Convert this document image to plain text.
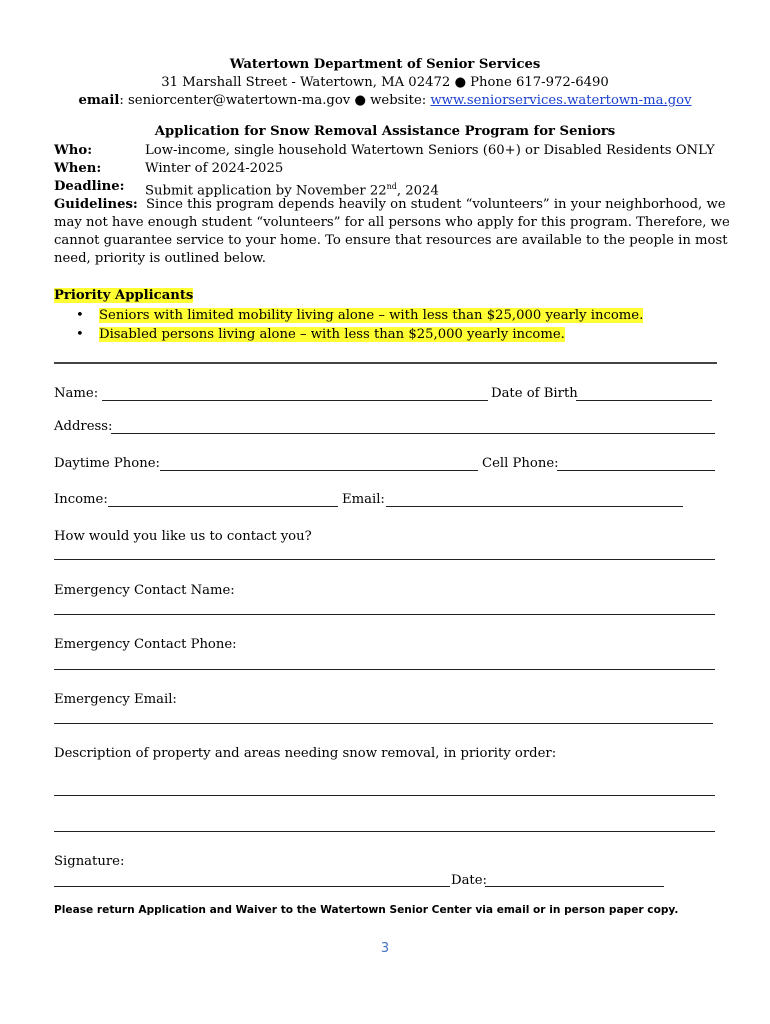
Watertown Department of Senior Services
31 Marshall Street - Watertown, MA 02472 ● Phone 617-972-6490
email: seniorcenter@watertown-ma.gov ● website: www.seniorservices.watertown-ma.gov
Application for Snow Removal Assistance Program for Seniors
Who:	Low-income, single household Watertown Seniors (60+) or Disabled Residents ONLY
When:	Winter of 2024-2025
Deadline: Submit application by November 22nd, 2024
Guidelines: Since this program depends heavily on student “volunteers” in your neighborhood, we
may not have enough student “volunteers” for all persons who apply for this program. Therefore, we
cannot guarantee service to your home. To ensure that resources are available to the people in most
need, priority is outlined below.
Priority Applicants
• Seniors with limited mobility living alone – with less than $25,000 yearly income.
• Disabled persons living alone – with less than $25,000 yearly income.
Name:	Date of Birth
Address:
Daytime Phone:	Cell Phone:
Income:	Email:
How would you like us to contact you?
Emergency Contact Name:
Emergency Contact Phone:
Emergency Email:
Description of property and areas needing snow removal, in priority order:
Signature:
Date:
Please return Application and Waiver to the Watertown Senior Center via email or in person paper copy.
3
